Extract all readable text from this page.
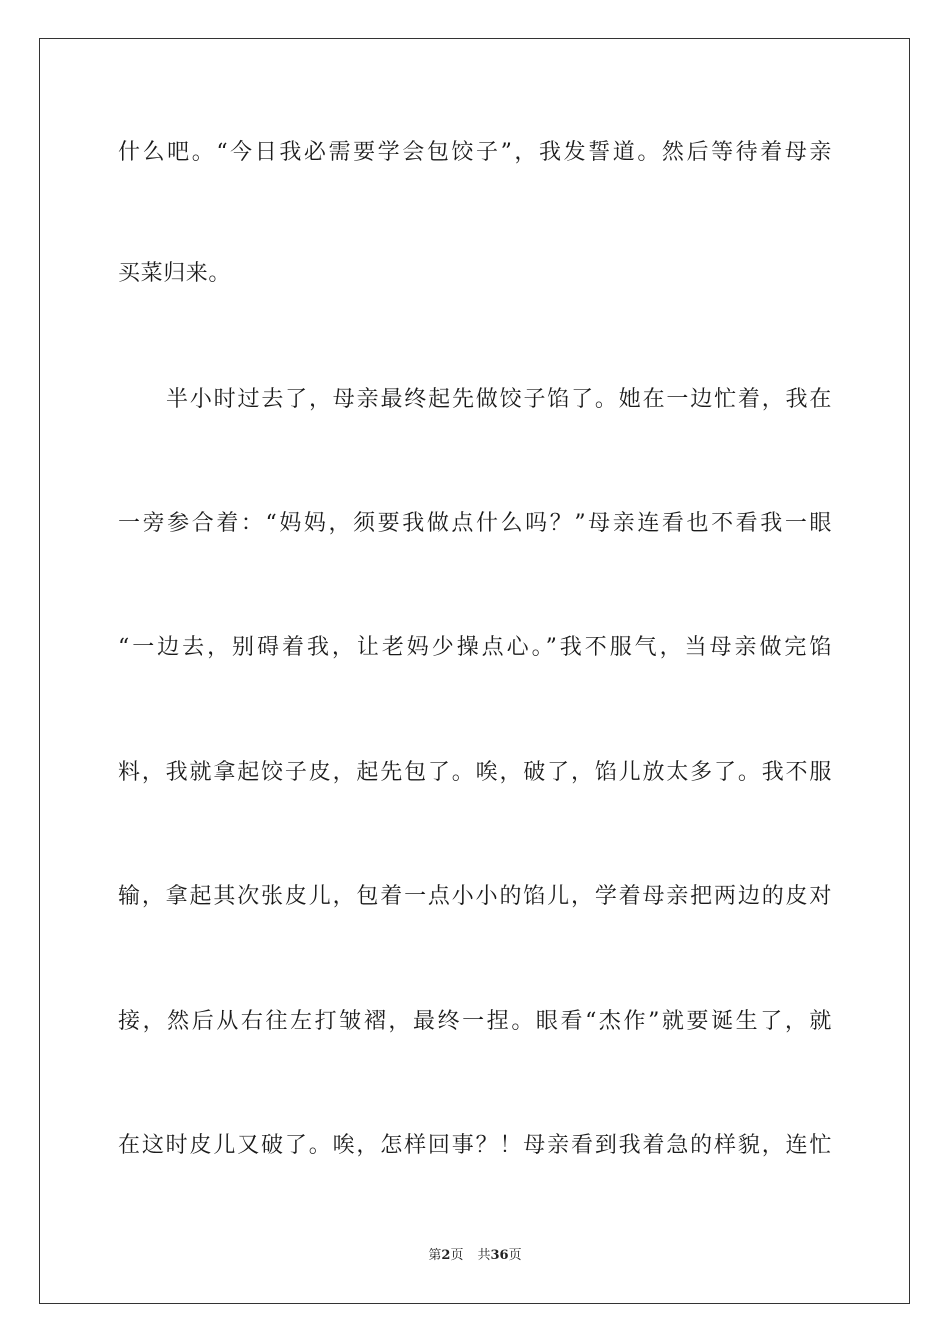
什么吧。“今日我必需要学会包饺子”，我发誓道。然后等待着母亲
买菜归来。
半小时过去了，母亲最终起先做饺子馅了。她在一边忙着，我在
一旁参合着：“妈妈，须要我做点什么吗？”母亲连看也不看我一眼
“一边去，别碍着我，让老妈少操点心。”我不服气，当母亲做完馅
料，我就拿起饺子皮，起先包了。唉，破了，馅儿放太多了。我不服
输，拿起其次张皮儿，包着一点小小的馅儿，学着母亲把两边的皮对
接，然后从右往左打皱褶，最终一捏。眼看“杰作”就要诞生了，就
在这时皮儿又破了。唉，怎样回事？！母亲看到我着急的样貌，连忙
第2页 共36页
